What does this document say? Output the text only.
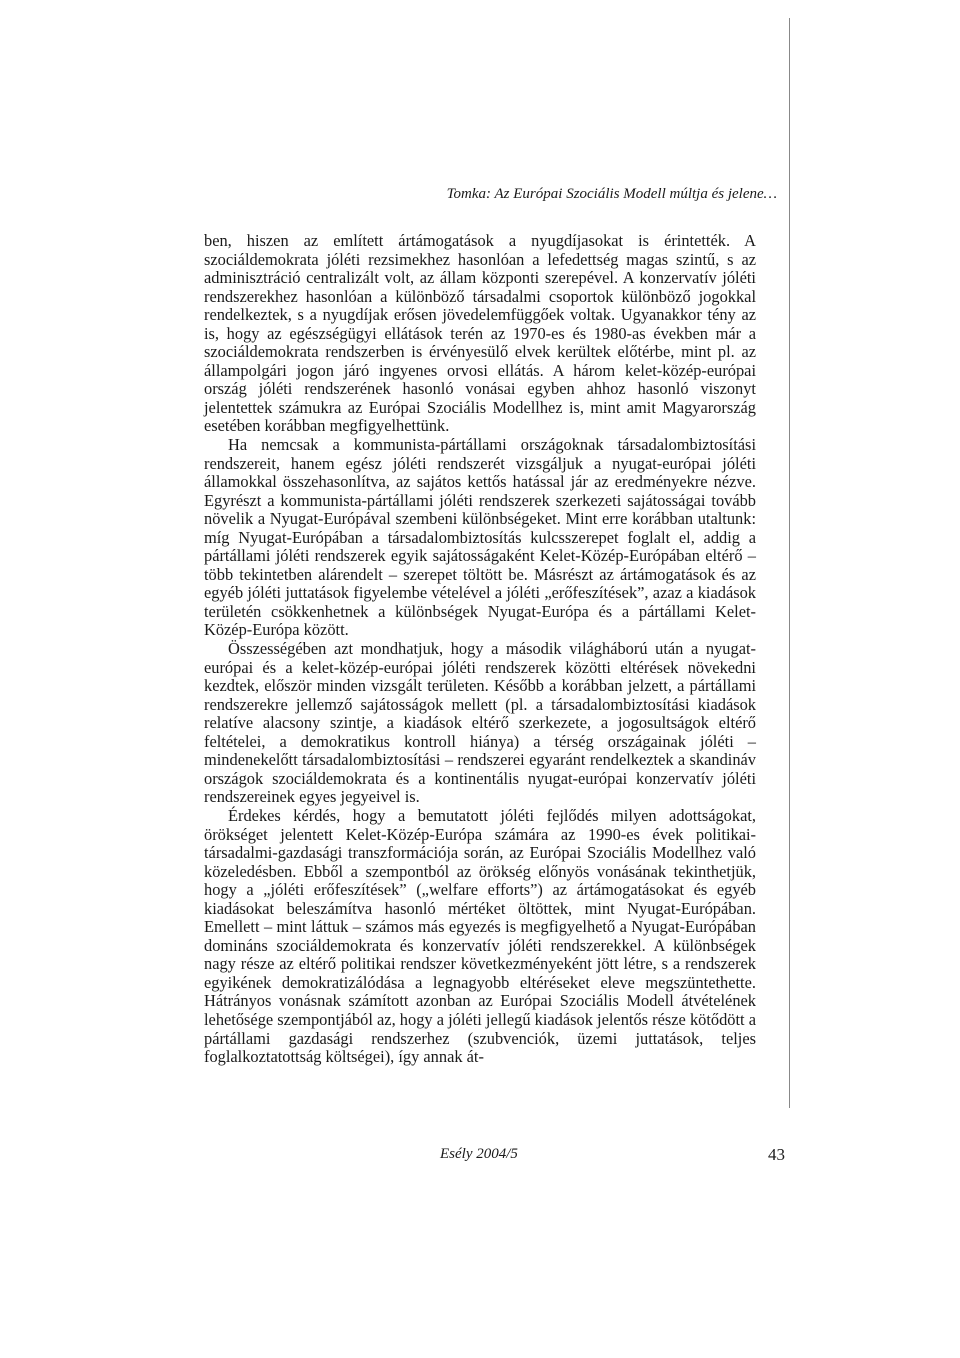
Tomka: Az Európai Szociális Modell múltja és jelene…

ben, hiszen az említett ártámogatások a nyugdíjasokat is érintették. A szociáldemokrata jóléti rezsimekhez hasonlóan a lefedettség magas szintű, s az adminisztráció centralizált volt, az állam központi szerepével. A konzervatív jóléti rendszerekhez hasonlóan a különböző társadalmi csoportok különböző jogokkal rendelkeztek, s a nyugdíjak erősen jövedelemfüggőek voltak. Ugyanakkor tény az is, hogy az egészségügyi ellátások terén az 1970-es és 1980-as években már a szociáldemokrata rendszerben is érvényesülő elvek kerültek előtérbe, mint pl. az állampolgári jogon járó ingyenes orvosi ellátás. A három kelet-közép-európai ország jóléti rendszerének hasonló vonásai egyben ahhoz hasonló viszonyt jelentettek számukra az Európai Szociális Modellhez is, mint amit Magyarország esetében korábban megfigyelhettünk.

Ha nemcsak a kommunista-pártállami országoknak társadalombiztosítási rendszereit, hanem egész jóléti rendszerét vizsgáljuk a nyugat-európai jóléti államokkal összehasonlítva, az sajátos kettős hatással jár az eredményekre nézve. Egyrészt a kommunista-pártállami jóléti rendszerek szerkezeti sajátosságai tovább növelik a Nyugat-Európával szembeni különbségeket. Mint erre korábban utaltunk: míg Nyugat-Európában a társadalombiztosítás kulcsszerepet foglalt el, addig a pártállami jóléti rendszerek egyik sajátosságaként Kelet-Közép-Európában eltérő – több tekintetben alárendelt – szerepet töltött be. Másrészt az ártámogatások és az egyéb jóléti juttatások figyelembe vételével a jóléti „erőfeszítések”, azaz a kiadások területén csökkenhetnek a különbségek Nyugat-Európa és a pártállami Kelet-Közép-Európa között.

Összességében azt mondhatjuk, hogy a második világháború után a nyugat-európai és a kelet-közép-európai jóléti rendszerek közötti eltérések növekedni kezdtek, először minden vizsgált területen. Később a korábban jelzett, a pártállami rendszerekre jellemző sajátosságok mellett (pl. a társadalombiztosítási kiadások relatíve alacsony szintje, a kiadások eltérő szerkezete, a jogosultságok eltérő feltételei, a demokratikus kontroll hiánya) a térség országainak jóléti – mindenekelőtt társadalombiztosítási – rendszerei egyaránt rendelkeztek a skandináv országok szociáldemokrata és a kontinentális nyugat-európai konzervatív jóléti rendszereinek egyes jegyeivel is.

Érdekes kérdés, hogy a bemutatott jóléti fejlődés milyen adottságokat, örökséget jelentett Kelet-Közép-Európa számára az 1990-es évek politikai-társadalmi-gazdasági transzformációja során, az Európai Szociális Modellhez való közeledésben. Ebből a szempontból az örökség előnyös vonásának tekinthetjük, hogy a „jóléti erőfeszítések” („welfare efforts”) az ártámogatásokat és egyéb kiadásokat beleszámítva hasonló mértéket öltöttek, mint Nyugat-Európában. Emellett – mint láttuk – számos más egyezés is megfigyelhető a Nyugat-Európában domináns szociáldemokrata és konzervatív jóléti rendszerekkel. A különbségek nagy része az eltérő politikai rendszer következményeként jött létre, s a rendszerek egyikének demokratizálódása a legnagyobb eltéréseket eleve megszüntethette. Hátrányos vonásnak számított azonban az Európai Szociális Modell átvételének lehetősége szempontjából az, hogy a jóléti jellegű kiadások jelentős része kötődött a pártállami gazdasági rendszerhez (szubvenciók, üzemi juttatások, teljes foglalkoztatottság költségei), így annak át-

Esély 2004/5	43
